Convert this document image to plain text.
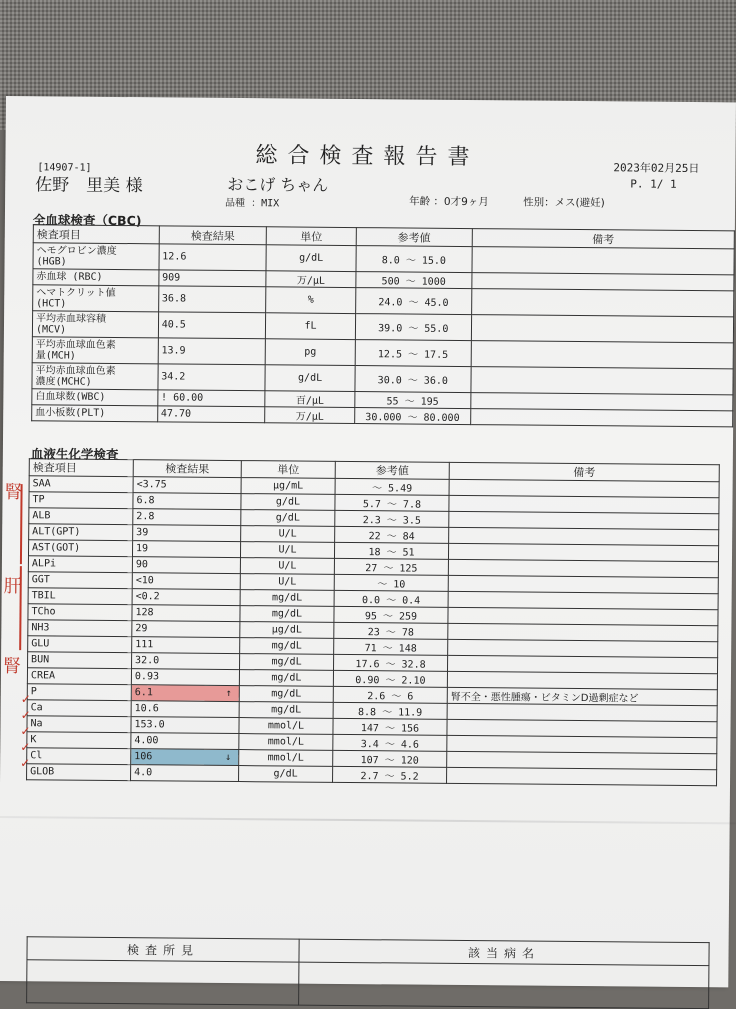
総合検査報告書	2023年02月25日
P. 1/ 1
[14907-1]
佐野　里美 様	おこげ ちゃん
品種 ：MIX	年齢 ：0才9ヶ月	性別：メス(避妊)
全血球検査（CBC)
検査項目	検査結果	単位	参考値	備考
ヘモグロビン濃度
(HGB)	12.6	g/dL	8.0 ～ 15.0	
赤血球 (RBC)	909	万/μL	500 ～ 1000	
ヘマトクリット値
(HCT)	36.8	%	24.0 ～ 45.0	
平均赤血球容積
(MCV)	40.5	fL	39.0 ～ 55.0	
平均赤血球血色素
量(MCH)	13.9	pg	12.5 ～ 17.5	
平均赤血球血色素
濃度(MCHC)	34.2	g/dL	30.0 ～ 36.0	
白血球数(WBC)	! 60.00	百/μL	55 ～ 195	
血小板数(PLT)	47.70	万/μL	30.000 ～ 80.000	
血液生化学検査
検査項目	検査結果	単位	参考値	備考
SAA	<3.75	μg/mL	～ 5.49	
TP	6.8	g/dL	5.7 ～ 7.8	
ALB	2.8	g/dL	2.3 ～ 3.5	
ALT(GPT)	39	U/L	22 ～ 84	
AST(GOT)	19	U/L	18 ～ 51	
ALPi	90	U/L	27 ～ 125	
GGT	<10	U/L	～ 10	
TBIL	<0.2	mg/dL	0.0 ～ 0.4	
TCho	128	mg/dL	95 ～ 259	
NH3	29	μg/dL	23 ～ 78	
GLU	111	mg/dL	71 ～ 148	
BUN	32.0	mg/dL	17.6 ～ 32.8	
CREA	0.93	mg/dL	0.90 ～ 2.10	
P	6.1 ↑	mg/dL	2.6 ～ 6	腎不全・悪性腫瘍・ビタミンD過剰症など
Ca	10.6	mg/dL	8.8 ～ 11.9	
Na	153.0	mmol/L	147 ～ 156	
K	4.00	mmol/L	3.4 ～ 4.6	
Cl	106 ↓	mmol/L	107 ～ 120	
GLOB	4.0	g/dL	2.7 ～ 5.2	
検査所見	該当病名

腎
肝
腎
✓
✓
✓
✓
✓
